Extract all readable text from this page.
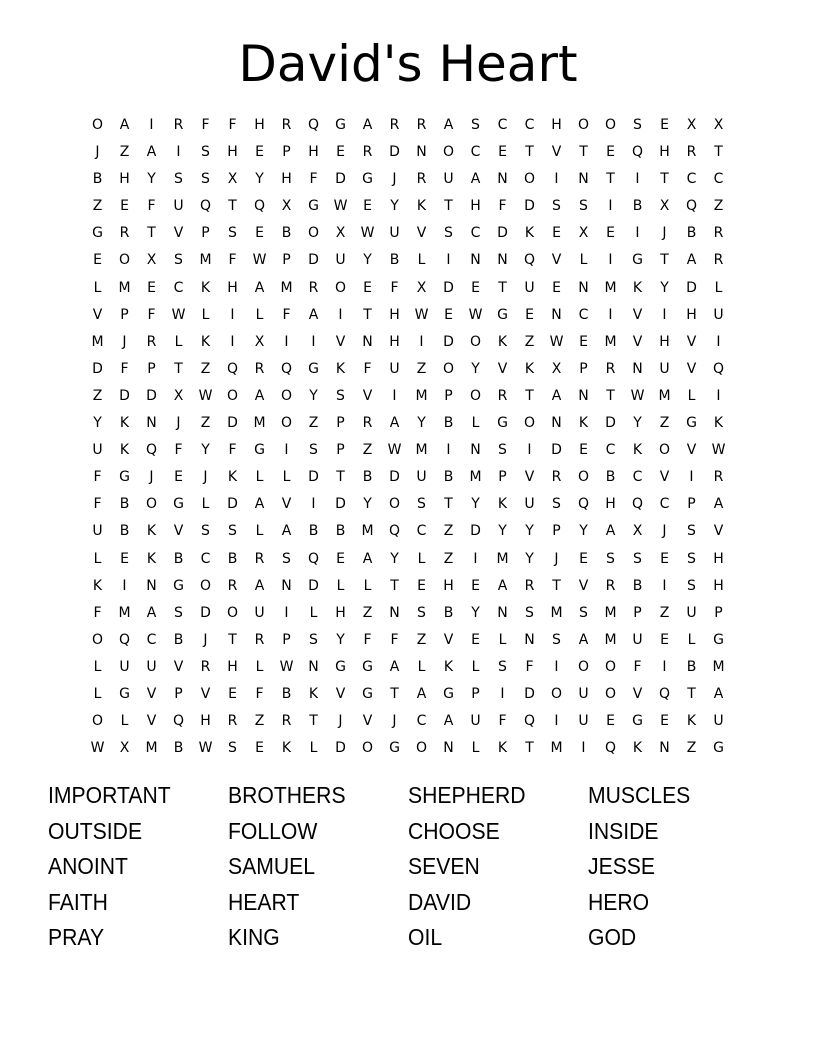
David's Heart
O	A	I	R	F	F	H	R	Q	G	A	R	R	A	S	C	C	H	O	O	S	E	X	X
J	Z	A	I	S	H	E	P	H	E	R	D	N	O	C	E	T	V	T	E	Q	H	R	T
B	H	Y	S	S	X	Y	H	F	D	G	J	R	U	A	N	O	I	N	T	I	T	C	C
Z	E	F	U	Q	T	Q	X	G	W	E	Y	K	T	H	F	D	S	S	I	B	X	Q	Z
G	R	T	V	P	S	E	B	O	X	W	U	V	S	C	D	K	E	X	E	I	J	B	R
E	O	X	S	M	F	W	P	D	U	Y	B	L	I	N	N	Q	V	L	I	G	T	A	R
L	M	E	C	K	H	A	M	R	O	E	F	X	D	E	T	U	E	N	M	K	Y	D	L
V	P	F	W	L	I	L	F	A	I	T	H	W	E	W	G	E	N	C	I	V	I	H	U
M	J	R	L	K	I	X	I	I	V	N	H	I	D	O	K	Z	W	E	M	V	H	V	I
D	F	P	T	Z	Q	R	Q	G	K	F	U	Z	O	Y	V	K	X	P	R	N	U	V	Q
Z	D	D	X	W	O	A	O	Y	S	V	I	M	P	O	R	T	A	N	T	W	M	L	I
Y	K	N	J	Z	D	M	O	Z	P	R	A	Y	B	L	G	O	N	K	D	Y	Z	G	K
U	K	Q	F	Y	F	G	I	S	P	Z	W	M	I	N	S	I	D	E	C	K	O	V	W
F	G	J	E	J	K	L	L	D	T	B	D	U	B	M	P	V	R	O	B	C	V	I	R
F	B	O	G	L	D	A	V	I	D	Y	O	S	T	Y	K	U	S	Q	H	Q	C	P	A
U	B	K	V	S	S	L	A	B	B	M	Q	C	Z	D	Y	Y	P	Y	A	X	J	S	V
L	E	K	B	C	B	R	S	Q	E	A	Y	L	Z	I	M	Y	J	E	S	S	E	S	H
K	I	N	G	O	R	A	N	D	L	L	T	E	H	E	A	R	T	V	R	B	I	S	H
F	M	A	S	D	O	U	I	L	H	Z	N	S	B	Y	N	S	M	S	M	P	Z	U	P
O	Q	C	B	J	T	R	P	S	Y	F	F	Z	V	E	L	N	S	A	M	U	E	L	G
L	U	U	V	R	H	L	W	N	G	G	A	L	K	L	S	F	I	O	O	F	I	B	M
L	G	V	P	V	E	F	B	K	V	G	T	A	G	P	I	D	O	U	O	V	Q	T	A
O	L	V	Q	H	R	Z	R	T	J	V	J	C	A	U	F	Q	I	U	E	G	E	K	U
W	X	M	B	W	S	E	K	L	D	O	G	O	N	L	K	T	M	I	Q	K	N	Z	G
IMPORTANT	BROTHERS	SHEPHERD	MUSCLES
OUTSIDE	FOLLOW	CHOOSE	INSIDE
ANOINT	SAMUEL	SEVEN	JESSE
FAITH	HEART	DAVID	HERO
PRAY	KING	OIL	GOD
